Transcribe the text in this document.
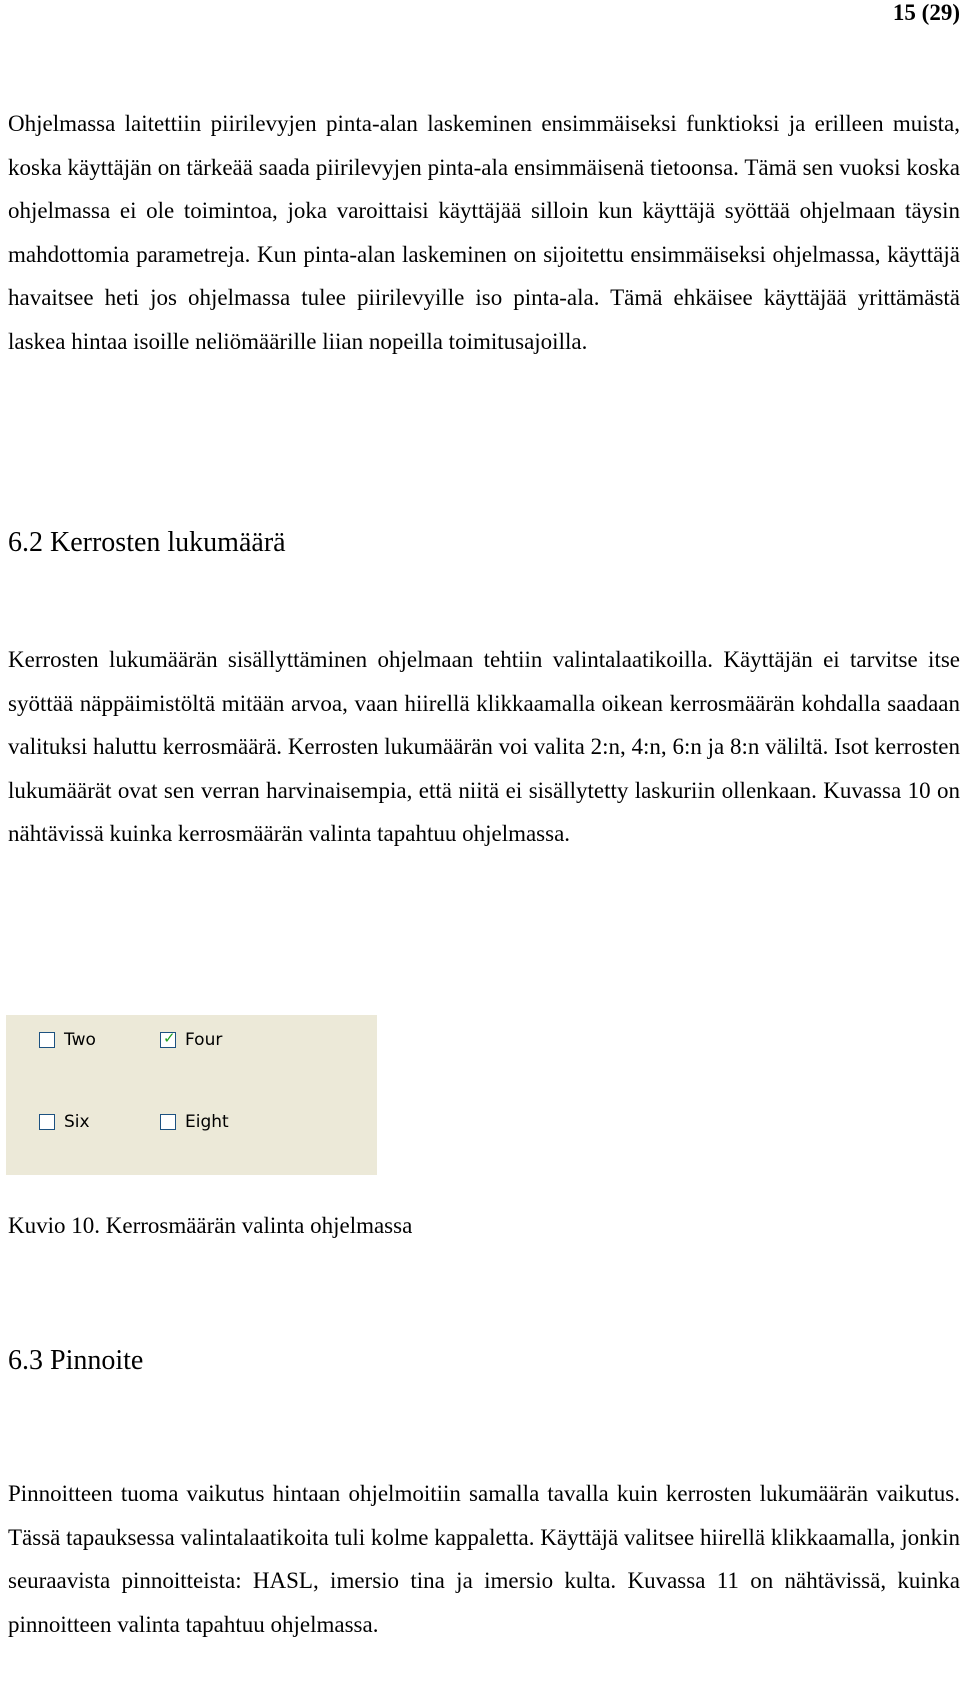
15 (29)

Ohjelmassa laitettiin piirilevyjen pinta-alan laskeminen ensimmäiseksi funktioksi ja erilleen muista, koska käyttäjän on tärkeää saada piirilevyjen pinta-ala ensimmäisenä tietoonsa. Tämä sen vuoksi koska ohjelmassa ei ole toimintoa, joka varoittaisi käyttäjää silloin kun käyttäjä syöttää ohjelmaan täysin mahdottomia parametreja. Kun pinta-alan laskeminen on sijoitettu ensimmäiseksi ohjelmassa, käyttäjä havaitsee heti jos ohjelmassa tulee piirilevyille iso pinta-ala. Tämä ehkäisee käyttäjää yrittämästä laskea hintaa isoille neliömäärille liian nopeilla toimitusajoilla.

6.2 Kerrosten lukumäärä

Kerrosten lukumäärän sisällyttäminen ohjelmaan tehtiin valintalaatikoilla. Käyttäjän ei tarvitse itse syöttää näppäimistöltä mitään arvoa, vaan hiirellä klikkaamalla oikean kerrosmäärän kohdalla saadaan valituksi haluttu kerrosmäärä. Kerrosten lukumäärän voi valita 2:n, 4:n, 6:n ja 8:n väliltä. Isot kerrosten lukumäärät ovat sen verran harvinaisempia, että niitä ei sisällytetty laskuriin ollenkaan. Kuvassa 10 on nähtävissä kuinka kerrosmäärän valinta tapahtuu ohjelmassa.

Two	✓ Four
Six	Eight

Kuvio 10. Kerrosmäärän valinta ohjelmassa

6.3 Pinnoite

Pinnoitteen tuoma vaikutus hintaan ohjelmoitiin samalla tavalla kuin kerrosten lukumäärän vaikutus. Tässä tapauksessa valintalaatikoita tuli kolme kappaletta. Käyttäjä valitsee hiirellä klikkaamalla, jonkin seuraavista pinnoitteista: HASL, imersio tina ja imersio kulta. Kuvassa 11 on nähtävissä, kuinka pinnoitteen valinta tapahtuu ohjelmassa.
